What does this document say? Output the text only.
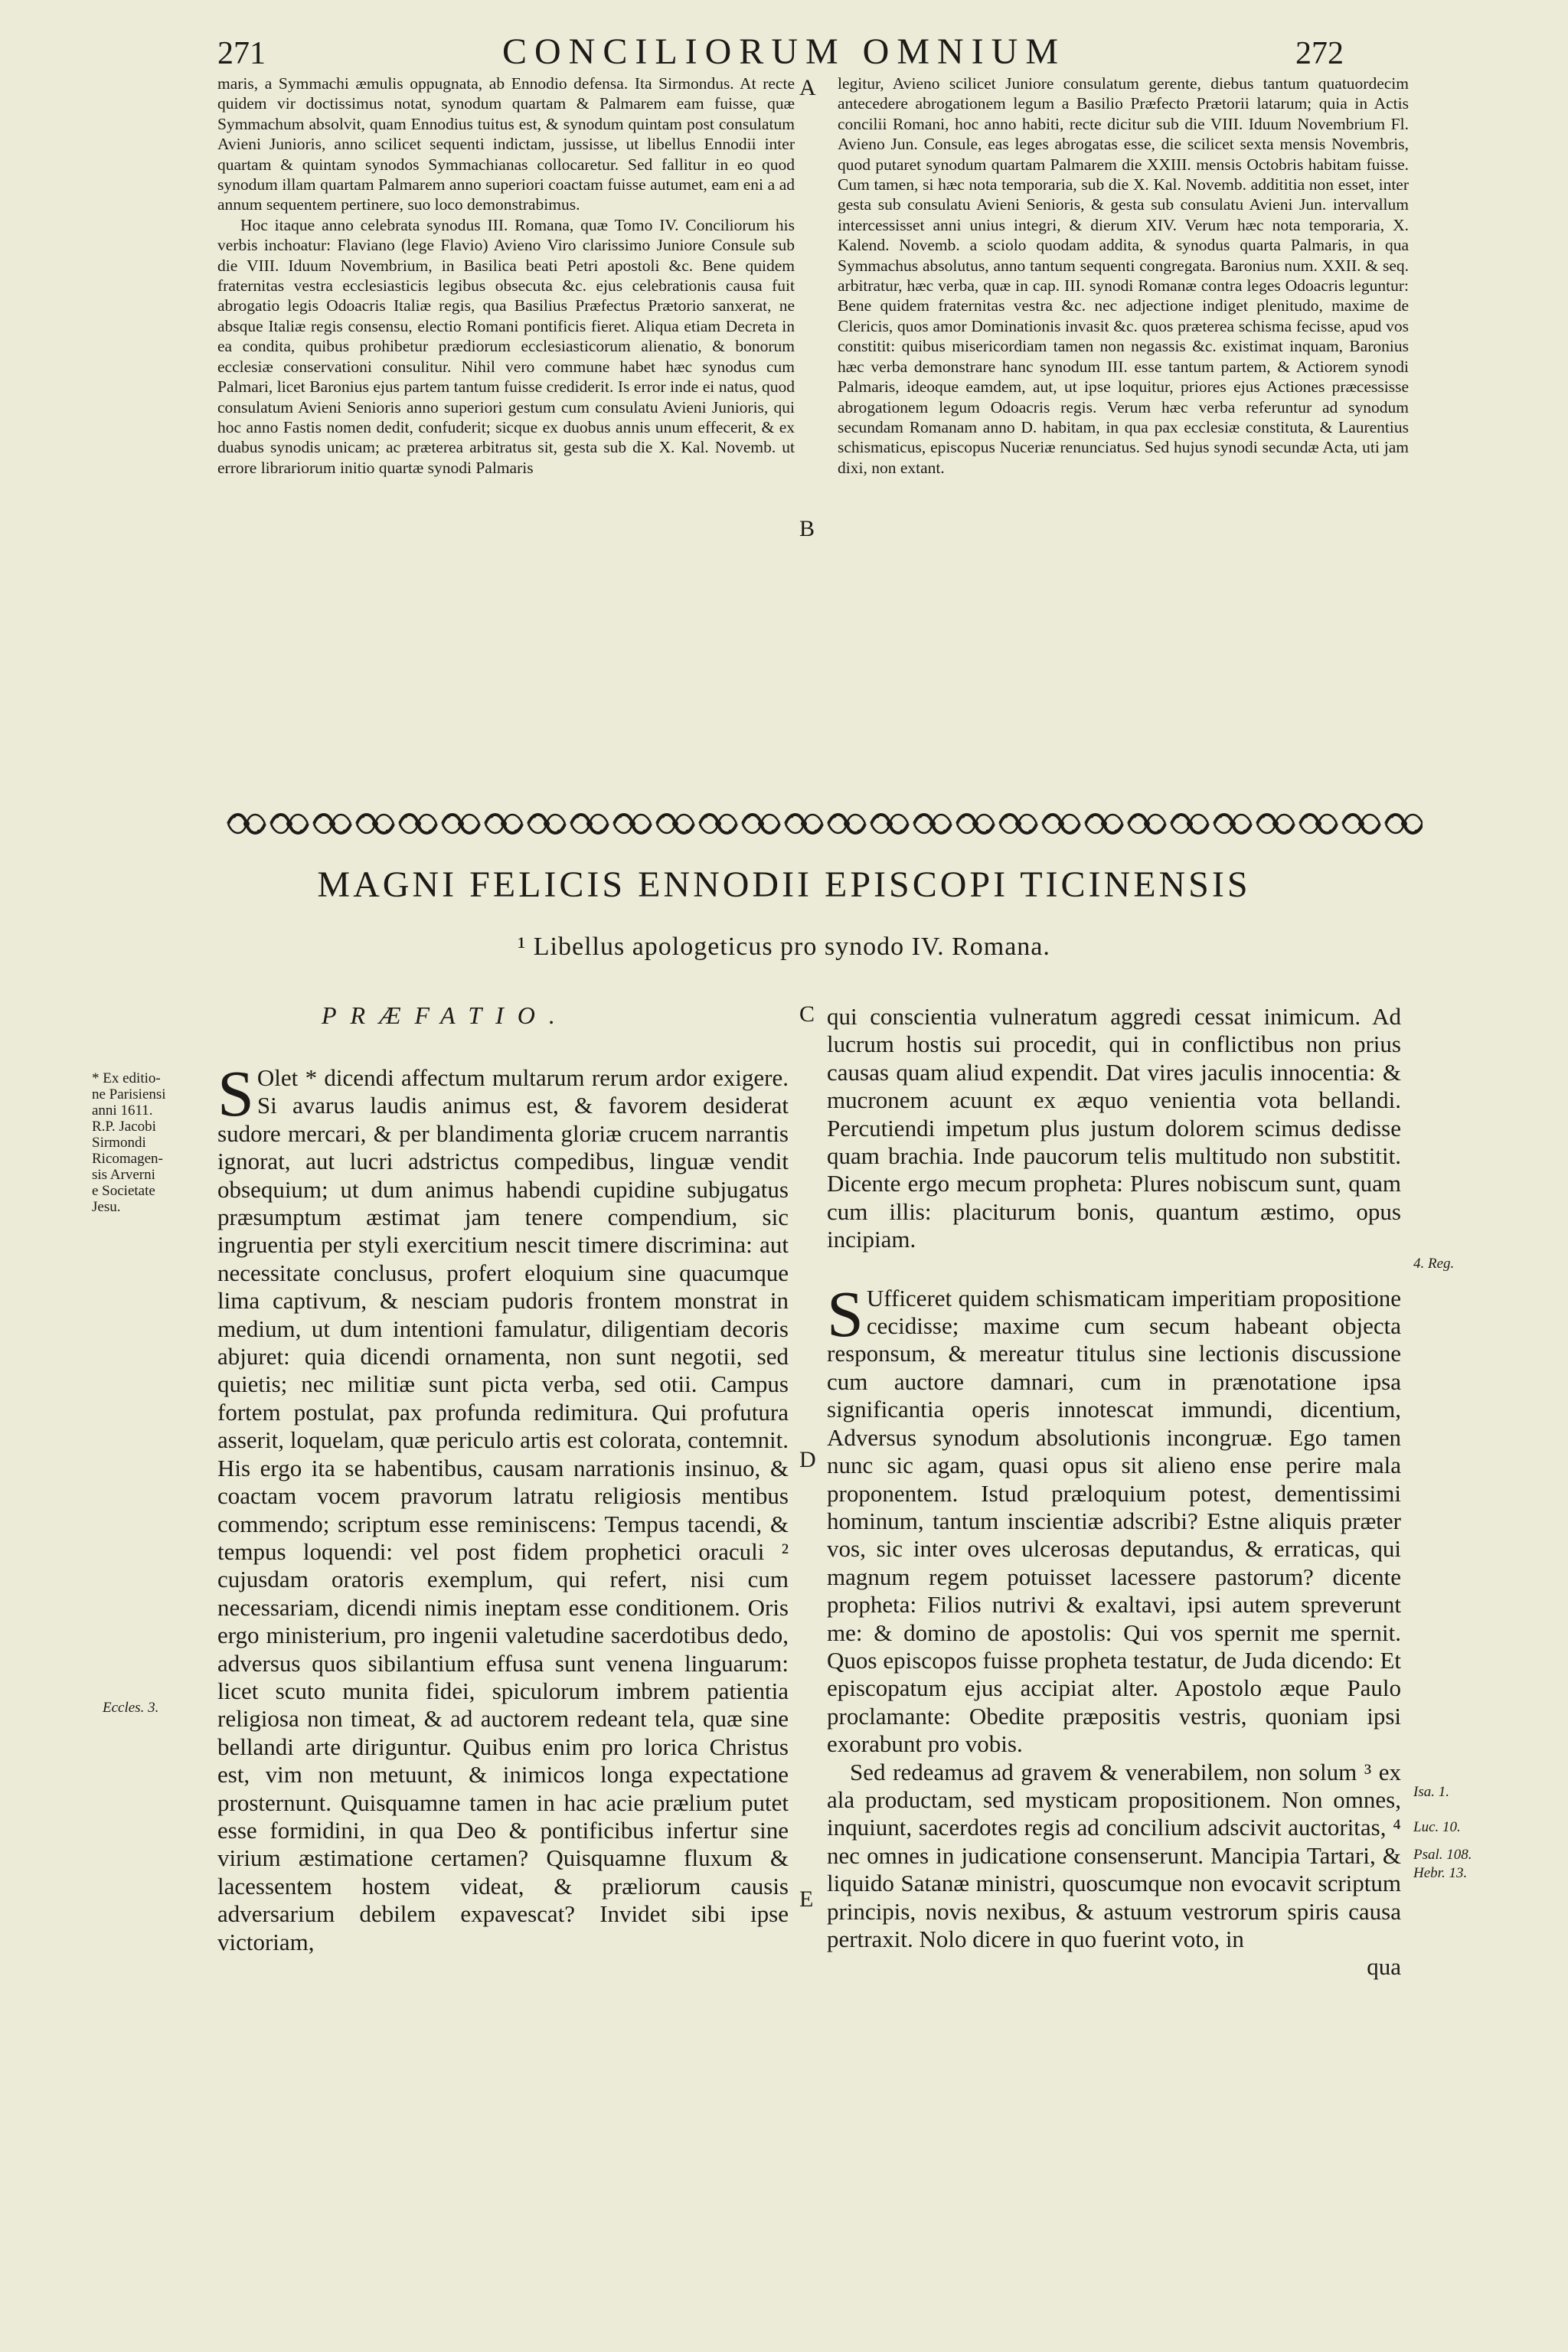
271	CONCILIORUM OMNIUM	272

maris, a Symmachi æmulis oppugnata, ab Ennodio defensa. Ita Sirmondus. At recte quidem vir doctissimus notat, synodum quartam & Palmarem eam fuisse, quæ Symmachum absolvit, quam Ennodius tuitus est, & synodum quintam post consulatum Avieni Junioris, anno scilicet sequenti indictam, jussisse, ut libellus Ennodii inter quartam & quintam synodos Symmachianas collocaretur. Sed fallitur in eo quod synodum illam quartam Palmarem anno superiori coactam fuisse autumet, eam eni a ad annum sequentem pertinere, suo loco demonstrabimus.

Hoc itaque anno celebrata synodus III. Romana, quæ Tomo IV. Conciliorum his verbis inchoatur: Flaviano (lege Flavio) Avieno Viro clarissimo Juniore Consule sub die VIII. Iduum Novembrium, in Basilica beati Petri apostoli &c. Bene quidem fraternitas vestra ecclesiasticis legibus obsecuta &c. ejus celebrationis causa fuit abrogatio legis Odoacris Italiæ regis, qua Basilius Præfectus Prætorio sanxerat, ne absque Italiæ regis consensu, electio Romani pontificis fieret. Aliqua etiam Decreta in ea condita, quibus prohibetur prædiorum ecclesiasticorum alienatio, & bonorum ecclesiæ conservationi consulitur. Nihil vero commune habet hæc synodus cum Palmari, licet Baronius ejus partem tantum fuisse crediderit. Is error inde ei natus, quod consulatum Avieni Senioris anno superiori gestum cum consulatu Avieni Junioris, qui hoc anno Fastis nomen dedit, confuderit; sicque ex duobus annis unum effecerit, & ex duabus synodis unicam; ac præterea arbitratus sit, gesta sub die X. Kal. Novemb. ut errore librariorum initio quartæ synodi Palmaris

A legitur, Avieno scilicet Juniore consulatum gerente, diebus tantum quatuordecim antecedere abrogationem legum a Basilio Præfecto Prætorii latarum; quia in Actis concilii Romani, hoc anno habiti, recte dicitur sub die VIII. Iduum Novembrium Fl. Avieno Jun. Consule, eas leges abrogatas esse, die scilicet sexta mensis Novembris, quod putaret synodum quartam Palmarem die XXIII. mensis Octobris habitam fuisse. Cum tamen, si hæc nota temporaria, sub die X. Kal. Novemb. addititia non esset, inter gesta sub consulatu Avieni Senioris, & gesta sub consulatu Avieni Jun. intervallum intercessisset anni unius integri, & dierum XIV. Verum hæc nota temporaria, X. Kalend. Novemb. a sciolo quodam addita, & synodus quarta Palmaris, in qua Symmachus absolutus, anno tantum sequenti congregata. Baronius num. XXII. & seq. arbitratur, hæc verba, quæ in cap. III. synodi Romanæ contra leges Odoacris leguntur: Bene quidem fraternitas vestra &c. nec adjectione indiget plenitudo, maxime de Clericis, quos amor Dominationis invasit &c. quos præterea schisma fecisse, apud vos constitit: quibus misericordiam tamen non negassis &c. existimat inquam, Baronius hæc verba demonstrare hanc synodum III. esse tantum partem, & Actiorem synodi Palmaris, ideoque eamdem, aut, ut ipse loquitur, priores ejus Actiones præcessisse abrogationem legum Odoacris regis. Verum hæc verba referuntur ad synodum secundam Romanam anno D. habitam, in qua pax ecclesiæ constituta, & Laurentius schismaticus, episcopus Nuceriæ renunciatus. Sed hujus synodi secundæ Acta, uti jam dixi, non extant.

B
MAGNI FELICIS ENNODII EPISCOPI TICINENSIS
¹ Libellus apologeticus pro synodo IV. Romana.
PRÆFATIO.
* Ex editio-
ne Parisiensi
anni 1611.
R.P. Jacobi
Sirmondi
Ricomagen-
sis Arverni
e Societate
Jesu.
Eccles. 3.

S Olet * dicendi affectum multarum rerum ardor exigere. Si avarus laudis animus est, & favorem desiderat sudore mercari, & per blandimenta gloriæ crucem narrantis ignorat, aut lucri adstrictus compedibus, linguæ vendit obsequium; ut dum animus habendi cupidine subjugatus præsumptum æstimat jam tenere compendium, sic ingruentia per styli exercitium nescit timere discrimina: aut necessitate conclusus, profert eloquium sine quacumque lima captivum, & nesciam pudoris frontem monstrat in medium, ut dum intentioni famulatur, diligentiam decoris abjuret: quia dicendi ornamenta, non sunt negotii, sed quietis; nec militiæ sunt picta verba, sed otii. Campus fortem postulat, pax profunda redimitura. Qui profutura asserit, loquelam, quæ periculo artis est colorata, contemnit. His ergo ita se habentibus, causam narrationis insinuo, & coactam vocem pravorum latratu religiosis mentibus commendo; scriptum esse reminiscens: Tempus tacendi, & tempus loquendi: vel post fidem prophetici oraculi ² cujusdam oratoris exemplum, qui refert, nisi cum necessariam, dicendi nimis ineptam esse conditionem. Oris ergo ministerium, pro ingenii valetudine sacerdotibus dedo, adversus quos sibilantium effusa sunt venena linguarum: licet scuto munita fidei, spiculorum imbrem patientia religiosa non timeat, & ad auctorem redeant tela, quæ sine bellandi arte diriguntur. Quibus enim pro lorica Christus est, vim non metuunt, & inimicos longa expectatione prosternunt. Quisquamne tamen in hac acie prælium putet esse formidini, in qua Deo & pontificibus infertur sine virium æstimatione certamen? Quisquamne fluxum & lacessentem hostem videat, & præliorum causis adversarium debilem expavescat? Invidet sibi ipse victoriam,

C
D
E

qui conscientia vulneratum aggredi cessat inimicum. Ad lucrum hostis sui procedit, qui in conflictibus non prius causas quam aliud expendit. Dat vires jaculis innocentia: & mucronem acuunt ex æquo venientia vota bellandi. Percutiendi impetum plus justum dolorem scimus dedisse quam brachia. Inde paucorum telis multitudo non substitit. Dicente ergo mecum propheta: Plures nobiscum sunt, quam cum illis: placiturum bonis, quantum æstimo, opus incipiam.

S Ufficeret quidem schismaticam imperitiam propositione cecidisse; maxime cum secum habeant objecta responsum, & mereatur titulus sine lectionis discussione cum auctore damnari, cum in prænotatione ipsa significantia operis innotescat immundi, dicentium, Adversus synodum absolutionis incongruæ. Ego tamen nunc sic agam, quasi opus sit alieno ense perire mala proponentem. Istud præloquium potest, dementissimi hominum, tantum inscientiæ adscribi? Estne aliquis præter vos, sic inter oves ulcerosas deputandus, & erraticas, qui magnum regem potuisset lacessere pastorum? dicente propheta: Filios nutrivi & exaltavi, ipsi autem spreverunt me: & domino de apostolis: Qui vos spernit me spernit. Quos episcopos fuisse propheta testatur, de Juda dicendo: Et episcopatum ejus accipiat alter. Apostolo æque Paulo proclamante: Obedite præpositis vestris, quoniam ipsi exorabunt pro vobis.

Sed redeamus ad gravem & venerabilem, non solum ³ ex ala productam, sed mysticam propositionem. Non omnes, inquiunt, sacerdotes regis ad concilium adscivit auctoritas, ⁴ nec omnes in judicatione consenserunt. Mancipia Tartari, & liquido Satanæ ministri, quoscumque non evocavit scriptum principis, novis nexibus, & astuum vestrorum spiris causa pertraxit. Nolo dicere in quo fuerint voto, in

qua

4. Reg.
Isa. 1.
Luc. 10.
Psal. 108.
Hebr. 13.
